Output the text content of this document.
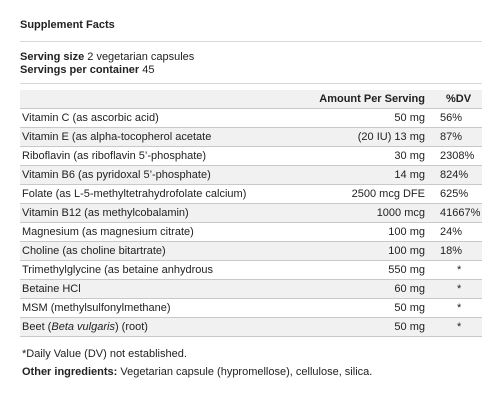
Supplement Facts
Serving size 2 vegetarian capsules
Servings per container 45
Amount Per Serving %DV
Vitamin C (as ascorbic acid)	50 mg 56%
Vitamin E (as alpha-tocopherol acetate	(20 IU) 13 mg 87%
Riboflavin (as riboflavin 5’-phosphate)	30 mg 2308%
Vitamin B6 (as pyridoxal 5’-phosphate)	14 mg 824%
Folate (as L-5-methyltetrahydrofolate calcium)	2500 mcg DFE 625%
Vitamin B12 (as methylcobalamin)	1000 mcg 41667%
Magnesium (as magnesium citrate)	100 mg 24%
Choline (as choline bitartrate)	100 mg 18%
Trimethylglycine (as betaine anhydrous	550 mg	*
Betaine HCl	60 mg	*
MSM (methylsulfonylmethane)	50 mg	*
Beet (Beta vulgaris) (root)	50 mg	*
*Daily Value (DV) not established.
Other ingredients: Vegetarian capsule (hypromellose), cellulose, silica.
